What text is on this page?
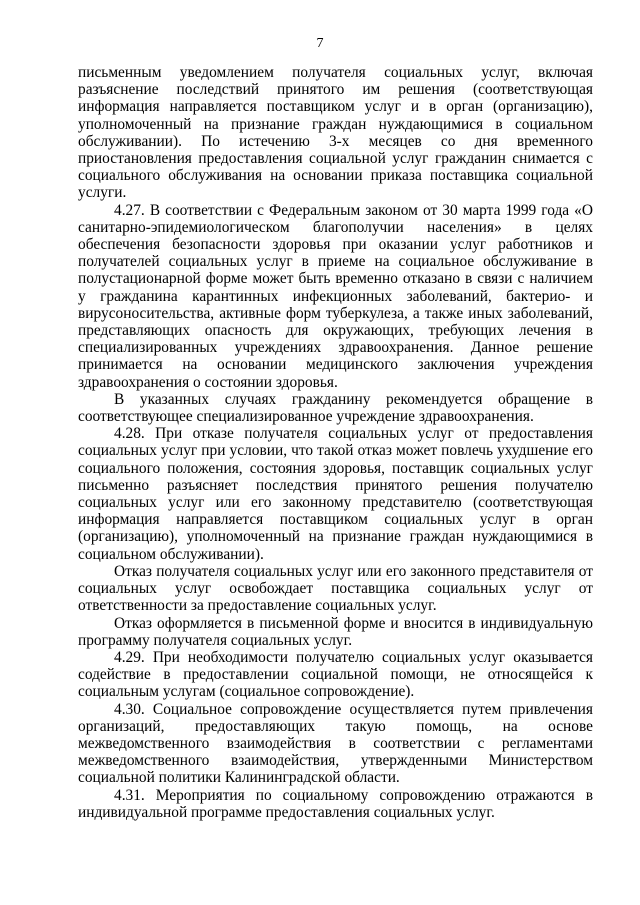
7

письменным уведомлением получателя социальных услуг, включая разъяснение последствий принятого им решения (соответствующая информация направляется поставщиком услуг и в орган (организацию), уполномоченный на признание граждан нуждающимися в социальном обслуживании). По истечению 3-х месяцев со дня временного приостановления предоставления социальной услуг гражданин снимается с социального обслуживания на основании приказа поставщика социальной услуги.

4.27. В соответствии с Федеральным законом от 30 марта 1999 года «О санитарно-эпидемиологическом благополучии населения» в целях обеспечения безопасности здоровья при оказании услуг работников и получателей социальных услуг в приеме на социальное обслуживание в полустационарной форме может быть временно отказано в связи с наличием у гражданина карантинных инфекционных заболеваний, бактерио- и вирусоносительства, активные форм туберкулеза, а также иных заболеваний, представляющих опасность для окружающих, требующих лечения в специализированных учреждениях здравоохранения. Данное решение принимается на основании медицинского заключения учреждения здравоохранения о состоянии здоровья.

В указанных случаях гражданину рекомендуется обращение в соответствующее специализированное учреждение здравоохранения.

4.28. При отказе получателя социальных услуг от предоставления социальных услуг при условии, что такой отказ может повлечь ухудшение его социального положения, состояния здоровья, поставщик социальных услуг письменно разъясняет последствия принятого решения получателю социальных услуг или его законному представителю (соответствующая информация направляется поставщиком социальных услуг в орган (организацию), уполномоченный на признание граждан нуждающимися в социальном обслуживании).

Отказ получателя социальных услуг или его законного представителя от социальных услуг освобождает поставщика социальных услуг от ответственности за предоставление социальных услуг.

Отказ оформляется в письменной форме и вносится в индивидуальную программу получателя социальных услуг.

4.29. При необходимости получателю социальных услуг оказывается содействие в предоставлении социальной помощи, не относящейся к социальным услугам (социальное сопровождение).

4.30. Социальное сопровождение осуществляется путем привлечения организаций, предоставляющих такую помощь, на основе межведомственного взаимодействия в соответствии с регламентами межведомственного взаимодействия, утвержденными Министерством социальной политики Калининградской области.

4.31. Мероприятия по социальному сопровождению отражаются в индивидуальной программе предоставления социальных услуг.
